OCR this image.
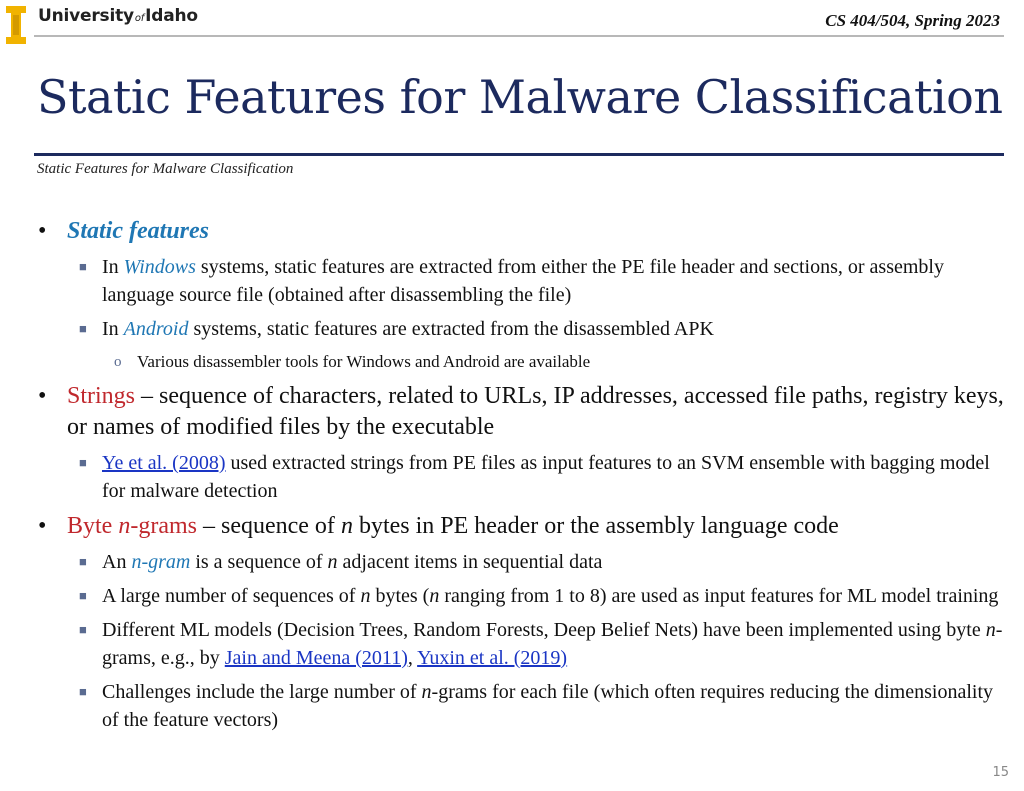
UniversityofIdaho	CS 404/504, Spring 2023
Static Features for Malware Classification
Static Features for Malware Classification
• Static features
■ In Windows systems, static features are extracted from either the PE file header and sections, or assembly language source file (obtained after disassembling the file)
■ In Android systems, static features are extracted from the disassembled APK
o Various disassembler tools for Windows and Android are available
• Strings – sequence of characters, related to URLs, IP addresses, accessed file paths, registry keys, or names of modified files by the executable
■ Ye et al. (2008) used extracted strings from PE files as input features to an SVM ensemble with bagging model for malware detection
• Byte n-grams – sequence of n bytes in PE header or the assembly language code
■ An n-gram is a sequence of n adjacent items in sequential data
■ A large number of sequences of n bytes (n ranging from 1 to 8) are used as input features for ML model training
■ Different ML models (Decision Trees, Random Forests, Deep Belief Nets) have been implemented using byte n-grams, e.g., by Jain and Meena (2011), Yuxin et al. (2019)
■ Challenges include the large number of n-grams for each file (which often requires reducing the dimensionality of the feature vectors)
15
